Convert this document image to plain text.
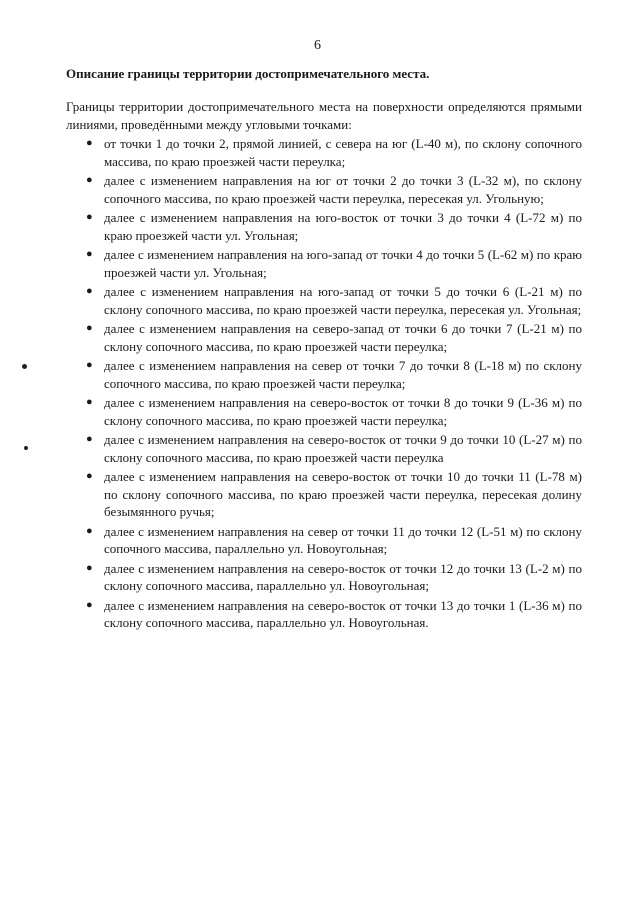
6
Описание границы территории достопримечательного места.
Границы территории достопримечательного места на поверхности определяются прямыми линиями, проведёнными между угловыми точками:
● от точки 1 до точки 2, прямой линией, с севера на юг (L-40 м), по склону сопочного массива, по краю проезжей части переулка;
● далее с изменением направления на юг от точки 2 до точки 3 (L-32 м), по склону сопочного массива, по краю проезжей части переулка, пересекая ул. Угольную;
● далее с изменением направления на юго-восток от точки 3 до точки 4 (L-72 м) по краю проезжей части ул. Угольная;
● далее с изменением направления на юго-запад от точки 4 до точки 5 (L-62 м) по краю проезжей части ул. Угольная;
● далее с изменением направления на юго-запад от точки 5 до точки 6 (L-21 м) по склону сопочного массива, по краю проезжей части переулка, пересекая ул. Угольная;
● далее с изменением направления на северо-запад от точки 6 до точки 7 (L-21 м) по склону сопочного массива, по краю проезжей части переулка;
● далее с изменением направления на север от точки 7 до точки 8 (L-18 м) по склону сопочного массива, по краю проезжей части переулка;
● далее с изменением направления на северо-восток от точки 8 до точки 9 (L-36 м) по склону сопочного массива, по краю проезжей части переулка;
● далее с изменением направления на северо-восток от точки 9 до точки 10 (L-27 м) по склону сопочного массива, по краю проезжей части переулка
● далее с изменением направления на северо-восток от точки 10 до точки 11 (L-78 м) по склону сопочного массива, по краю проезжей части переулка, пересекая долину безымянного ручья;
● далее с изменением направления на север от точки 11 до точки 12 (L-51 м) по склону сопочного массива, параллельно ул. Новоугольная;
● далее с изменением направления на северо-восток от точки 12 до точки 13 (L-2 м) по склону сопочного массива, параллельно ул. Новоугольная;
● далее с изменением направления на северо-восток от точки 13 до точки 1 (L-36 м) по склону сопочного массива, параллельно ул. Новоугольная.
